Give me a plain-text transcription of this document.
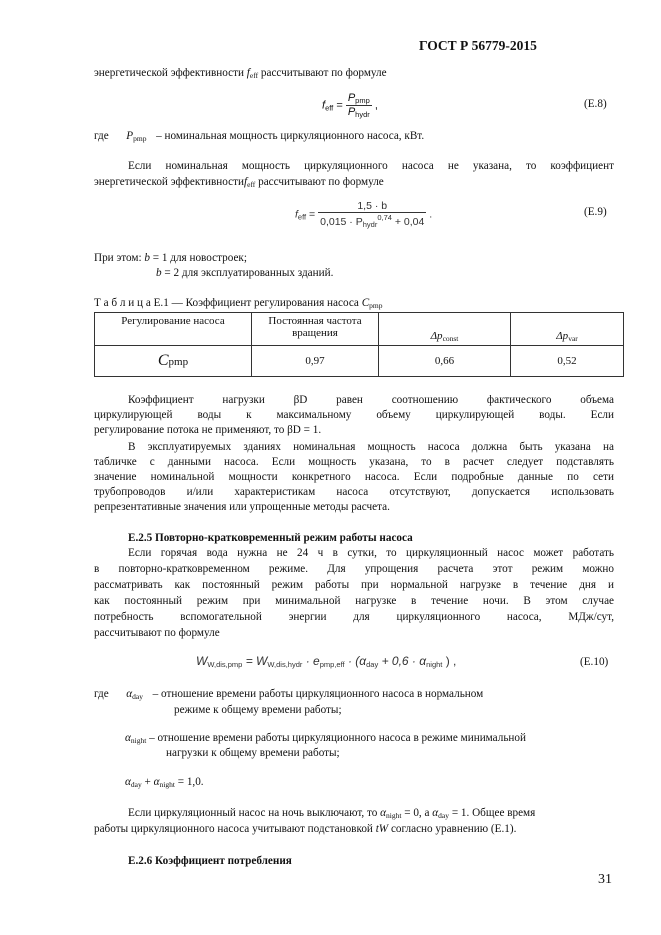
ГОСТ Р 56779-2015
энергетической эффективности $f_{eff}$ рассчитывают по формуле
$f_{eff} = \frac{P_{pmp}}{P_{hydr}}$ ,	(Е.8)
где $P_{pmp}$ – номинальная мощность циркуляционного насоса, кВт.
Если номинальная мощность циркуляционного насоса не указана, то коэффициент
энергетической эффективностиf$_{eff}$ рассчитывают по формуле
$f_{eff} = \frac{1,5 \cdot b}{0,015 \cdot P_{hydr}^{0,74} + 0,04}$ .	(Е.9)
При этом: b = 1 для новостроек;
b = 2 для эксплуатированных зданий.
Т а б л и ц а Е.1 — Коэффициент регулирования насоса $C_{pmp}$
Регулирование насоса	Постоянная частота вращения	$\Delta p_{const}$	$\Delta p_{var}$
Cpmp	0,97	0,66	0,52
Коэффициент нагрузки βD равен соотношению фактического объема
циркулирующей воды к максимальному объему циркулирующей воды. Если
регулирование потока не применяют, то βD = 1.
В эксплуатируемых зданиях номинальная мощность насоса должна быть указана на
табличке с данными насоса. Если мощность указана, то в расчет следует подставлять
значение номинальной мощности конкретного насоса. Если подробные данные по сети
трубопроводов и/или характеристикам насоса отсутствуют, допускается использовать
репрезентативные значения или упрощенные методы расчета.
Е.2.5 Повторно-кратковременный режим работы насоса
Если горячая вода нужна не 24 ч в сутки, то циркуляционный насос может работать
в повторно-кратковременном режиме. Для упрощения расчета этот режим можно
рассматривать как постоянный режим работы при нормальной нагрузке в течение дня и
как постоянный режим при минимальной нагрузке в течение ночи. В этом случае
потребность вспомогательной энергии для циркуляционного насоса, МДж/сут,
рассчитывают по формуле
$W_{W,dis,pmp} = W_{W,dis,hydr} \cdot e_{pmp,eff} \cdot (\alpha_{day} + 0,6 \cdot \alpha_{night}$ ) ,	(Е.10)
где $\alpha_{day}$ – отношение времени работы циркуляционного насоса в нормальном
режиме к общему времени работы;
$\alpha_{night}$ – отношение времени работы циркуляционного насоса в режиме минимальной
нагрузки к общему времени работы;
$\alpha_{day} + \alpha_{night} = 1,0$.
Если циркуляционный насос на ночь выключают, то $\alpha_{night} = 0$, а $\alpha_{day} = 1$. Общее время
работы циркуляционного насоса учитывают подстановкой tW согласно уравнению (Е.1).
Е.2.6 Коэффициент потребления
31
